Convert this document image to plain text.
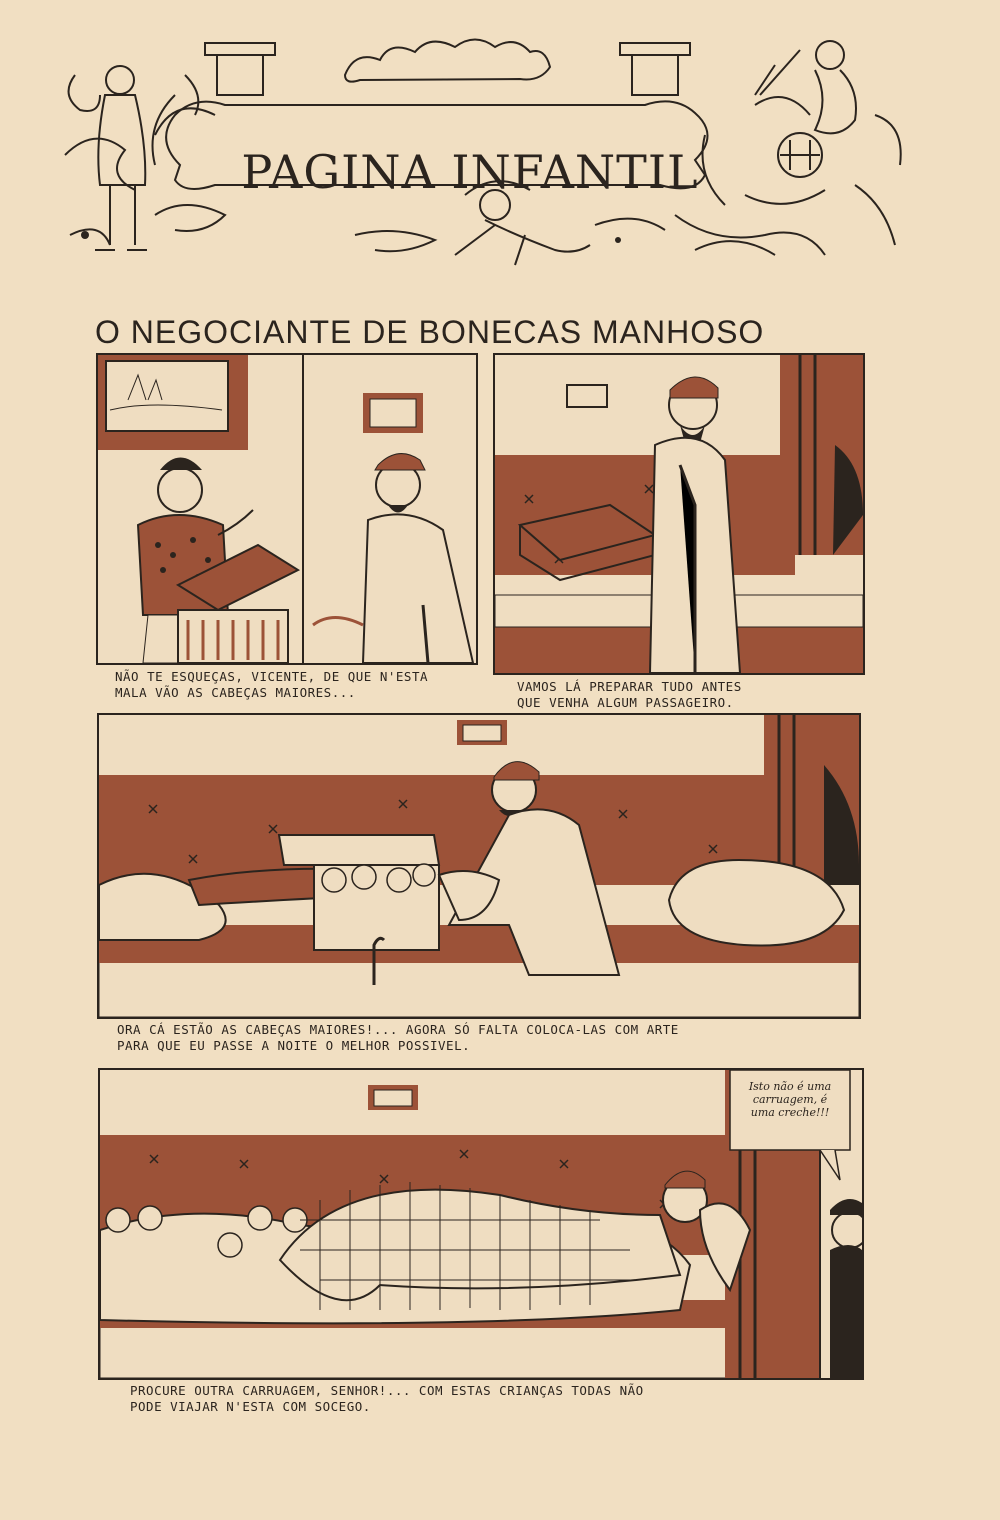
PAGINA INFANTIL
O NEGOCIANTE DE BONECAS MANHOSO
NÃO TE ESQUEÇAS, VICENTE, DE QUE N'ESTA
MALA VÃO AS CABEÇAS MAIORES...	VAMOS LÁ PREPARAR TUDO ANTES
QUE VENHA ALGUM PASSAGEIRO.
ORA CÁ ESTÃO AS CABEÇAS MAIORES!... AGORA SÓ FALTA COLOCA-LAS COM ARTE
PARA QUE EU PASSE A NOITE O MELHOR POSSIVEL.
Isto não é uma
carruagem, é
uma creche!!!
PROCURE OUTRA CARRUAGEM, SENHOR!... COM ESTAS CRIANÇAS TODAS NÃO
PODE VIAJAR N'ESTA COM SOCEGO.
